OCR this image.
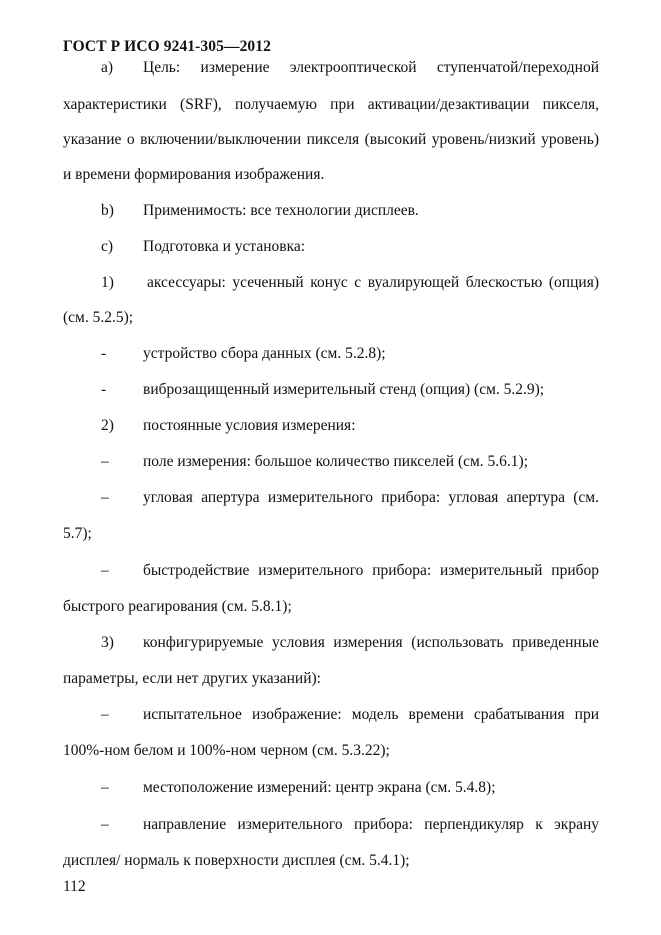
ГОСТ Р ИСО 9241-305—2012
a) Цель: измерение электрооптической ступенчатой/переходной
характеристики (SRF), получаемую при активации/дезактивации пикселя,
указание о включении/выключении пикселя (высокий уровень/низкий уровень)
и времени формирования изображения.
b) Применимость: все технологии дисплеев.
c) Подготовка и установка:
1) аксессуары: усеченный конус с вуалирующей блескостью (опция)
(см. 5.2.5);
- устройство сбора данных (см. 5.2.8);
- виброзащищенный измерительный стенд (опция) (см. 5.2.9);
2) постоянные условия измерения:
– поле измерения: большое количество пикселей (см. 5.6.1);
– угловая апертура измерительного прибора: угловая апертура (см.
5.7);
– быстродействие измерительного прибора: измерительный прибор
быстрого реагирования (см. 5.8.1);
3) конфигурируемые условия измерения (использовать приведенные
параметры, если нет других указаний):
– испытательное изображение: модель времени срабатывания при
100%-ном белом и 100%-ном черном (см. 5.3.22);
– местоположение измерений: центр экрана (см. 5.4.8);
– направление измерительного прибора: перпендикуляр к экрану
дисплея/ нормаль к поверхности дисплея (см. 5.4.1);
112
